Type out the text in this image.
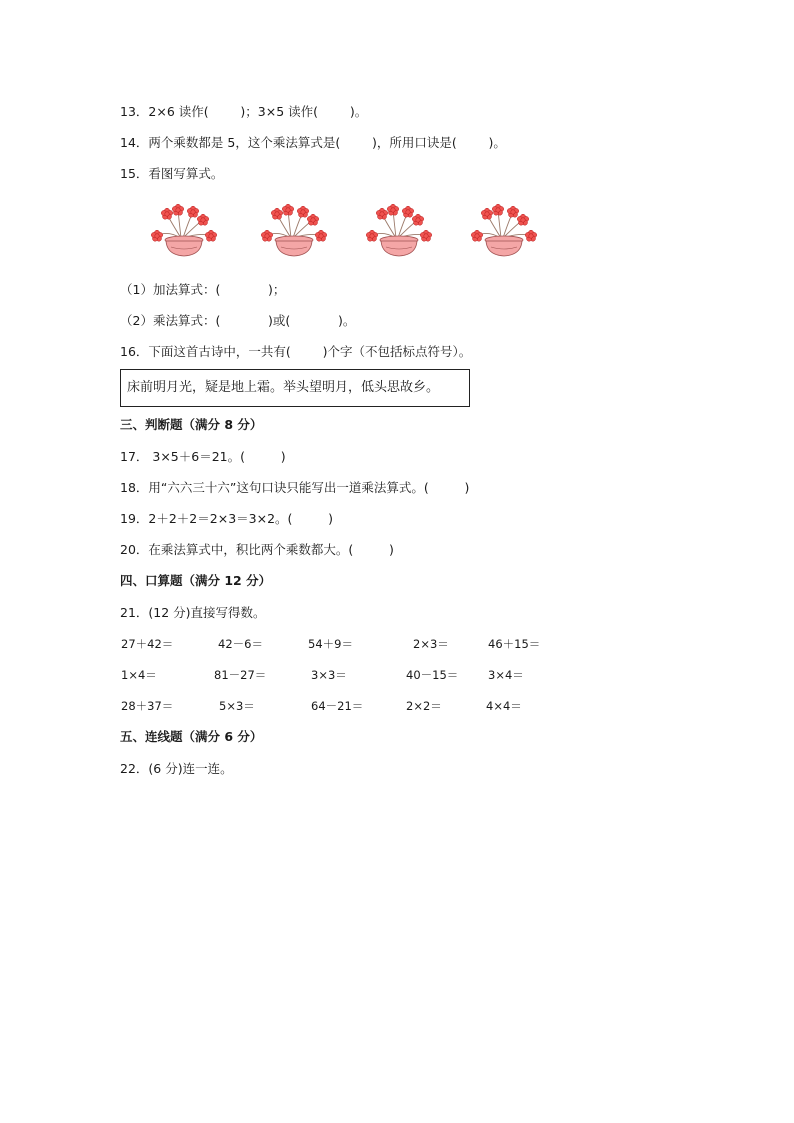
13．2×6 读作(        )；3×5 读作(        )。
14．两个乘数都是 5，这个乘法算式是(        )，所用口诀是(        )。
15．看图写算式。
（1）加法算式：(            )；
（2）乘法算式：(            )或(            )。
16．下面这首古诗中，一共有(        )个字（不包括标点符号）。
床前明月光，疑是地上霜。举头望明月，低头思故乡。
三、判断题（满分 8 分）
17． 3×5＋6＝21。(         )
18．用“六六三十六”这句口诀只能写出一道乘法算式。(         )
19．2＋2＋2＝2×3＝3×2。(         )
20．在乘法算式中，积比两个乘数都大。(         )
四、口算题（满分 12 分）
21．(12 分)直接写得数。
27＋42＝	42－6＝	54＋9＝	2×3＝	46＋15＝
1×4＝	81－27＝	3×3＝	40－15＝	3×4＝
28＋37＝	5×3＝	64－21＝	2×2＝	4×4＝
五、连线题（满分 6 分）
22．(6 分)连一连。
